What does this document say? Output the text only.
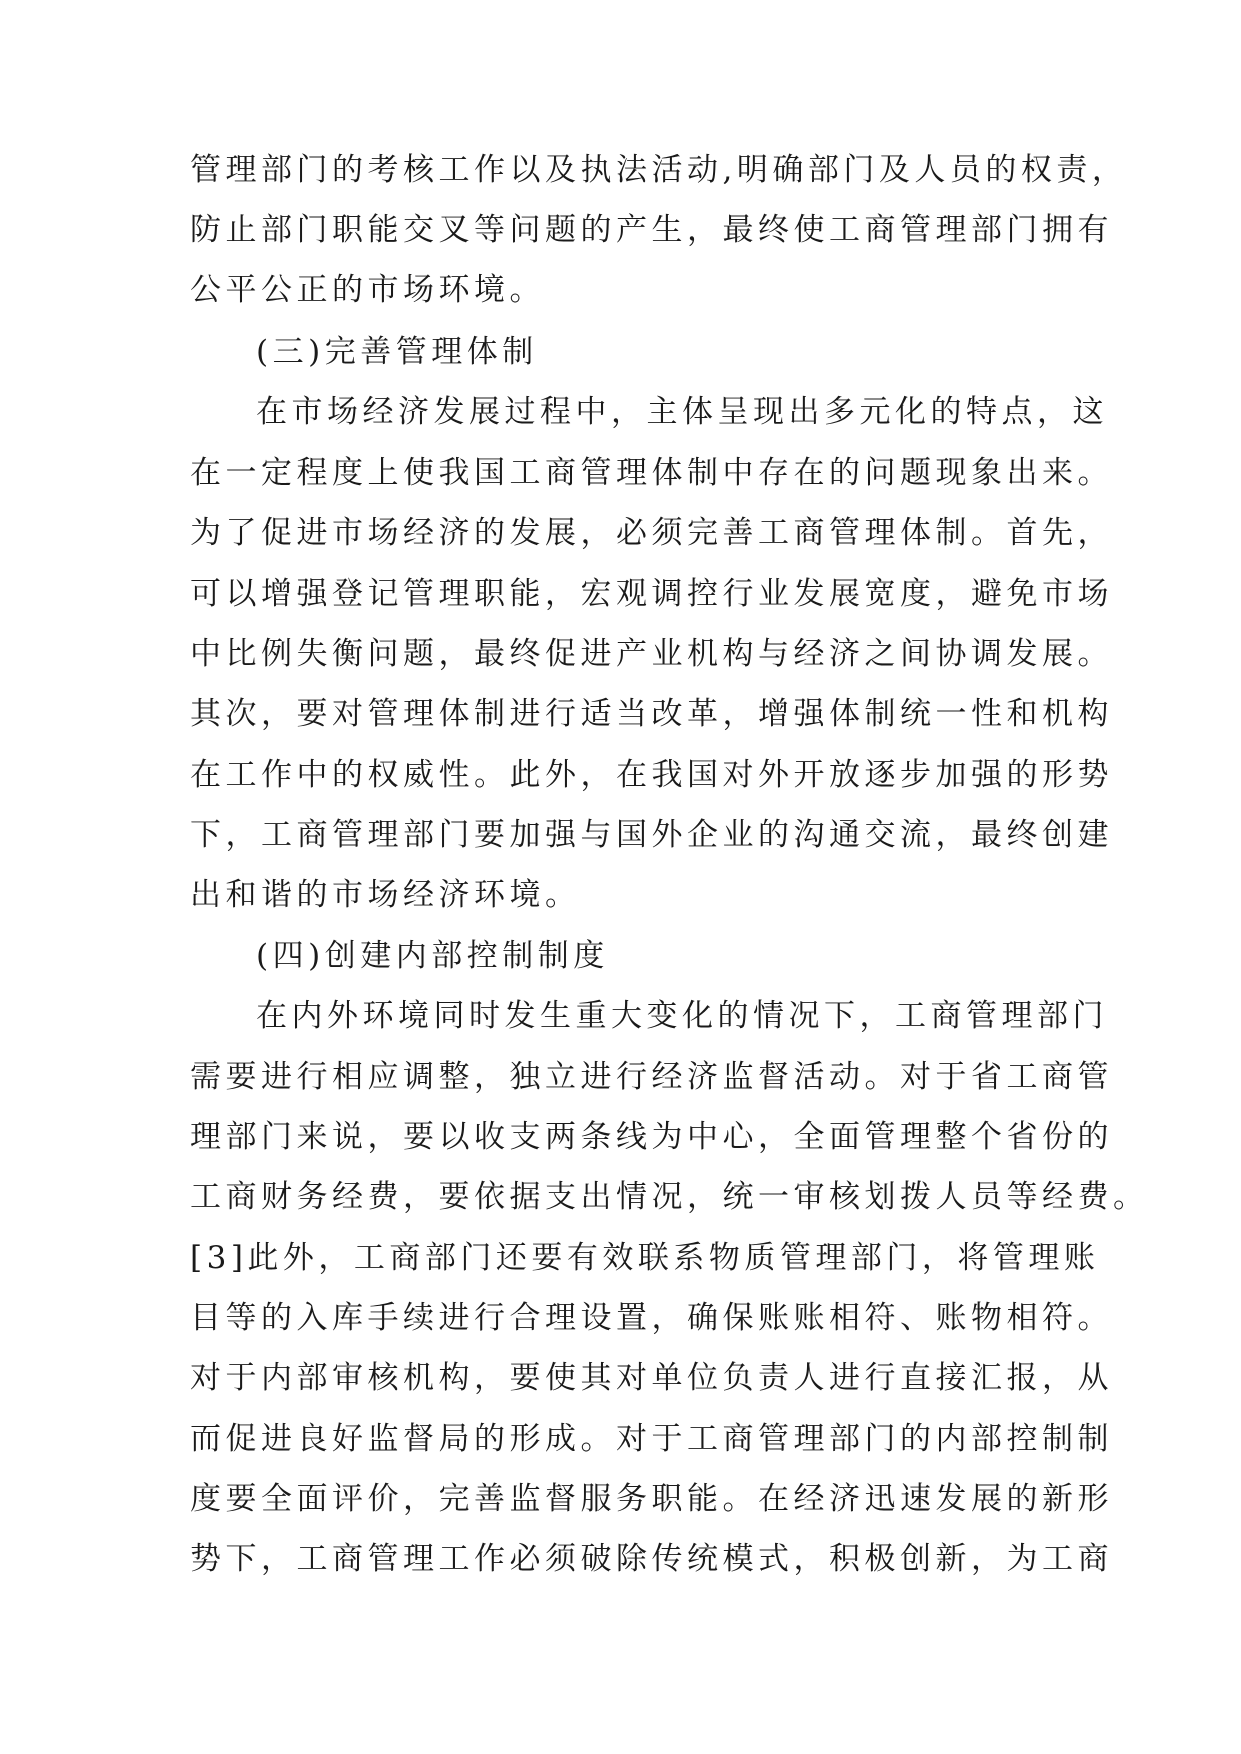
管理部门的考核工作以及执法活动,明确部门及人员的权责，
防止部门职能交叉等问题的产生，最终使工商管理部门拥有
公平公正的市场环境。
(三)完善管理体制
在市场经济发展过程中，主体呈现出多元化的特点，这
在一定程度上使我国工商管理体制中存在的问题现象出来。
为了促进市场经济的发展，必须完善工商管理体制。首先，
可以增强登记管理职能，宏观调控行业发展宽度，避免市场
中比例失衡问题，最终促进产业机构与经济之间协调发展。
其次，要对管理体制进行适当改革，增强体制统一性和机构
在工作中的权威性。此外，在我国对外开放逐步加强的形势
下，工商管理部门要加强与国外企业的沟通交流，最终创建
出和谐的市场经济环境。
(四)创建内部控制制度
在内外环境同时发生重大变化的情况下，工商管理部门
需要进行相应调整，独立进行经济监督活动。对于省工商管
理部门来说，要以收支两条线为中心，全面管理整个省份的
工商财务经费，要依据支出情况，统一审核划拨人员等经费。
[3]此外，工商部门还要有效联系物质管理部门，将管理账
目等的入库手续进行合理设置，确保账账相符、账物相符。
对于内部审核机构，要使其对单位负责人进行直接汇报，从
而促进良好监督局的形成。对于工商管理部门的内部控制制
度要全面评价，完善监督服务职能。在经济迅速发展的新形
势下，工商管理工作必须破除传统模式，积极创新，为工商
